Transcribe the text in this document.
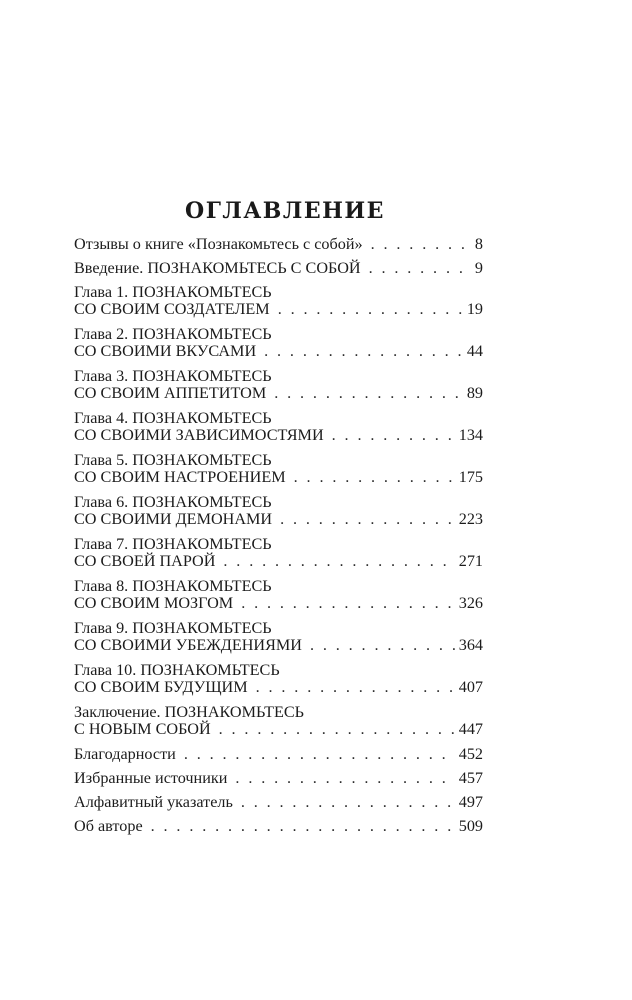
ОГЛАВЛЕНИЕ
Отзывы о книге «Познакомьтесь с собой» . . .	8
Введение. ПОЗНАКОМЬТЕСЬ С СОБОЙ . . .	9
Глава 1. ПОЗНАКОМЬТЕСЬ
СО СВОИМ СОЗДАТЕЛЕМ . . .	19
Глава 2. ПОЗНАКОМЬТЕСЬ
СО СВОИМИ ВКУСАМИ . . .	44
Глава 3. ПОЗНАКОМЬТЕСЬ
СО СВОИМ АППЕТИТОМ . . .	89
Глава 4. ПОЗНАКОМЬТЕСЬ
СО СВОИМИ ЗАВИСИМОСТЯМИ . . .	134
Глава 5. ПОЗНАКОМЬТЕСЬ
СО СВОИМ НАСТРОЕНИЕМ . . .	175
Глава 6. ПОЗНАКОМЬТЕСЬ
СО СВОИМИ ДЕМОНАМИ . . .	223
Глава 7. ПОЗНАКОМЬТЕСЬ
СО СВОЕЙ ПАРОЙ . . .	271
Глава 8. ПОЗНАКОМЬТЕСЬ
СО СВОИМ МОЗГОМ . . .	326
Глава 9. ПОЗНАКОМЬТЕСЬ
СО СВОИМИ УБЕЖДЕНИЯМИ . . .	364
Глава 10. ПОЗНАКОМЬТЕСЬ
СО СВОИМ БУДУЩИМ . . .	407
Заключение. ПОЗНАКОМЬТЕСЬ
С НОВЫМ СОБОЙ . . .	447
Благодарности . . .	452
Избранные источники . . .	457
Алфавитный указатель . . .	497
Об авторе . . .	509
